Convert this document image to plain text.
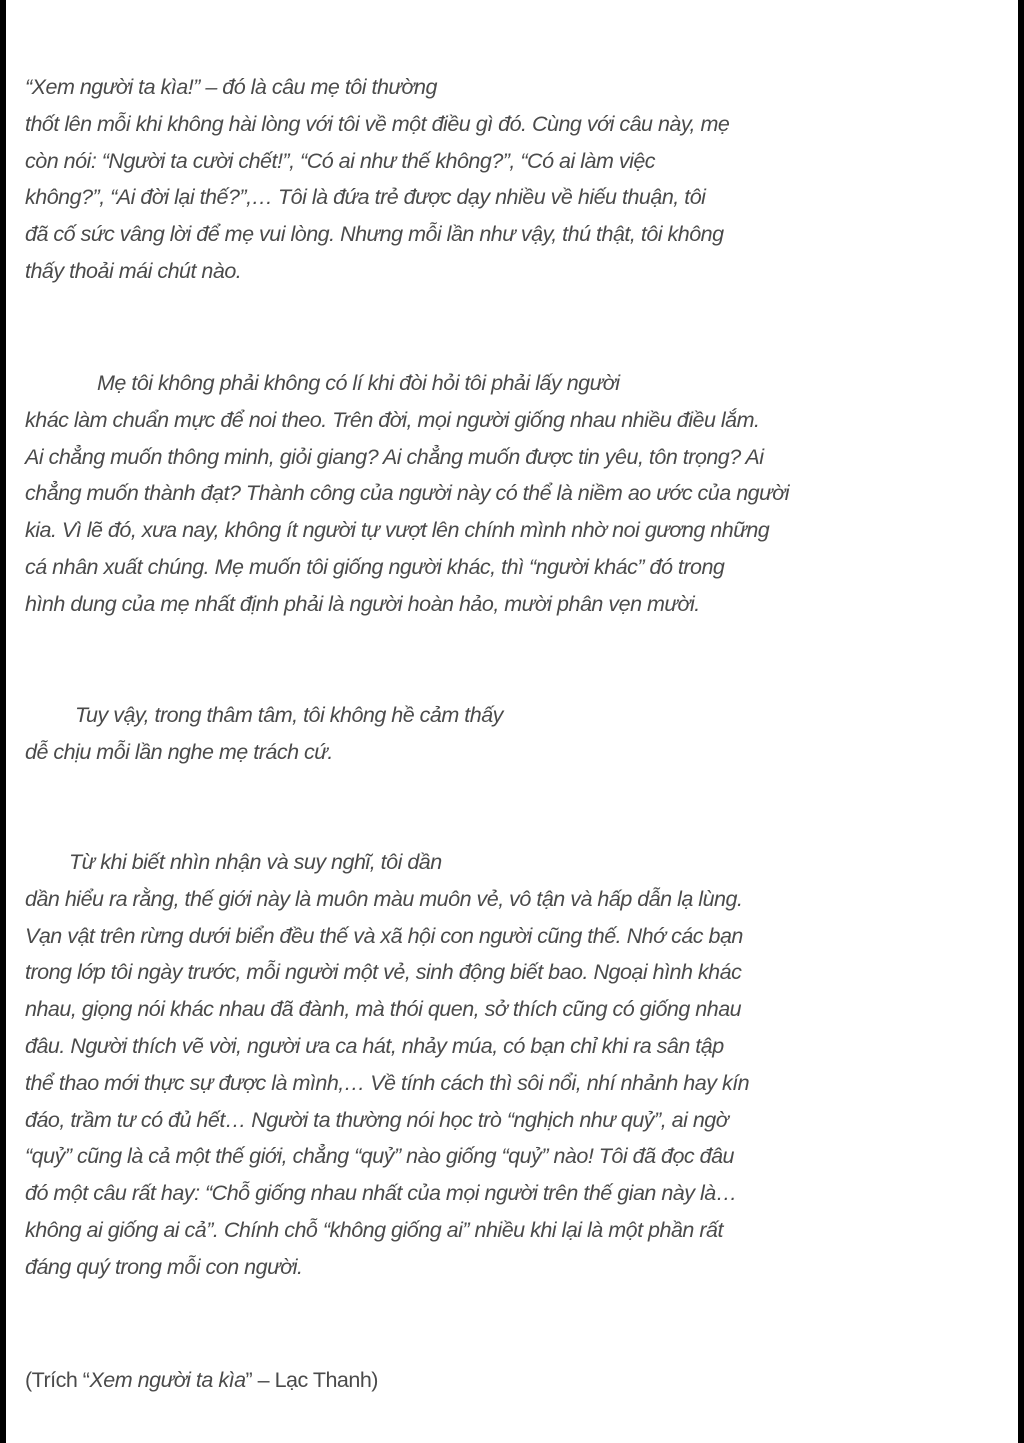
“Xem người ta kìa!” – đó là câu mẹ tôi thường
thốt lên mỗi khi không hài lòng với tôi về một điều gì đó. Cùng với câu này, mẹ
còn nói: “Người ta cười chết!”, “Có ai như thế không?”, “Có ai làm việc
không?”, “Ai đời lại thế?”,… Tôi là đứa trẻ được dạy nhiều về hiếu thuận, tôi
đã cố sức vâng lời để mẹ vui lòng. Nhưng mỗi lần như vậy, thú thật, tôi không
thấy thoải mái chút nào.
Mẹ tôi không phải không có lí khi đòi hỏi tôi phải lấy người
khác làm chuẩn mực để noi theo. Trên đời, mọi người giống nhau nhiều điều lắm.
Ai chẳng muốn thông minh, giỏi giang? Ai chẳng muốn được tin yêu, tôn trọng? Ai
chẳng muốn thành đạt? Thành công của người này có thể là niềm ao ước của người
kia. Vì lẽ đó, xưa nay, không ít người tự vượt lên chính mình nhờ noi gương những
cá nhân xuất chúng. Mẹ muốn tôi giống người khác, thì “người khác” đó trong
hình dung của mẹ nhất định phải là người hoàn hảo, mười phân vẹn mười.
Tuy vậy, trong thâm tâm, tôi không hề cảm thấy
dễ chịu mỗi lần nghe mẹ trách cứ.
Từ khi biết nhìn nhận và suy nghĩ, tôi dần
dần hiểu ra rằng, thế giới này là muôn màu muôn vẻ, vô tận và hấp dẫn lạ lùng.
Vạn vật trên rừng dưới biển đều thế và xã hội con người cũng thế. Nhớ các bạn
trong lớp tôi ngày trước, mỗi người một vẻ, sinh động biết bao. Ngoại hình khác
nhau, giọng nói khác nhau đã đành, mà thói quen, sở thích cũng có giống nhau
đâu. Người thích vẽ vời, người ưa ca hát, nhảy múa, có bạn chỉ khi ra sân tập
thể thao mới thực sự được là mình,… Về tính cách thì sôi nổi, nhí nhảnh hay kín
đáo, trầm tư có đủ hết… Người ta thường nói học trò “nghịch như quỷ”, ai ngờ
“quỷ” cũng là cả một thế giới, chẳng “quỷ” nào giống “quỷ” nào! Tôi đã đọc đâu
đó một câu rất hay: “Chỗ giống nhau nhất của mọi người trên thế gian này là…
không ai giống ai cả”. Chính chỗ “không giống ai” nhiều khi lại là một phần rất
đáng quý trong mỗi con người.
(Trích “Xem người ta kìa” – Lạc Thanh)
